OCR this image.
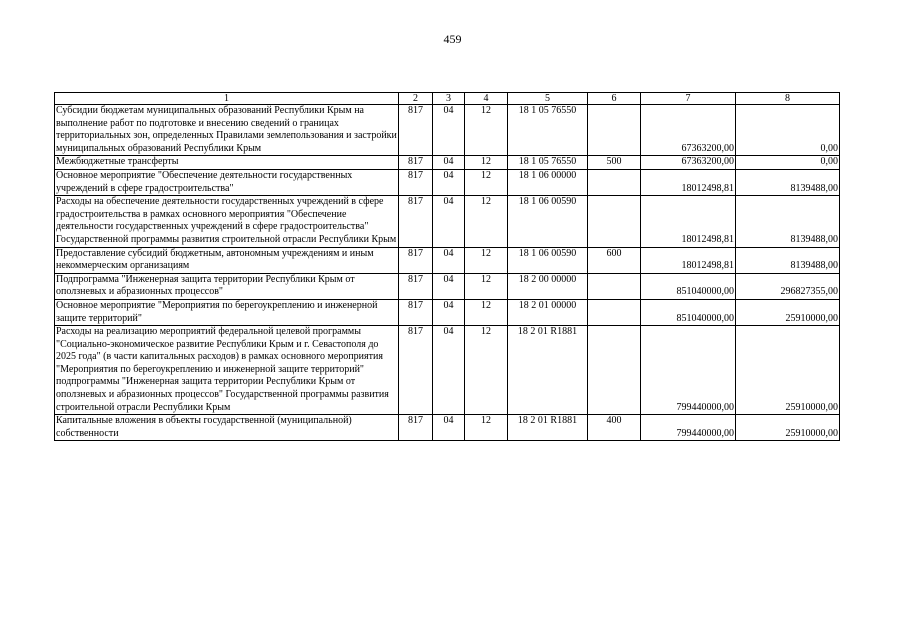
459
1	2	3	4	5	6	7	8
Субсидии бюджетам муниципальных образований Республики Крым на выполнение работ по подготовке и внесению сведений о границах территориальных зон, определенных Правилами землепользования и застройки муниципальных образований Республики Крым	817	04	12	18 1 05 76550		67363200,00	0,00
Межбюджетные трансферты	817	04	12	18 1 05 76550	500	67363200,00	0,00
Основное мероприятие "Обеспечение деятельности государственных учреждений в сфере градостроительства"	817	04	12	18 1 06 00000		18012498,81	8139488,00
Расходы на обеспечение деятельности государственных учреждений в сфере градостроительства в рамках основного мероприятия "Обеспечение деятельности государственных учреждений в сфере градостроительства" Государственной программы развития строительной отрасли Республики Крым	817	04	12	18 1 06 00590		18012498,81	8139488,00
Предоставление субсидий бюджетным, автономным учреждениям и иным некоммерческим организациям	817	04	12	18 1 06 00590	600	18012498,81	8139488,00
Подпрограмма "Инженерная защита территории Республики Крым от оползневых и абразионных процессов"	817	04	12	18 2 00 00000		851040000,00	296827355,00
Основное мероприятие "Мероприятия по берегоукреплению и инженерной защите территорий"	817	04	12	18 2 01 00000		851040000,00	25910000,00
Расходы на реализацию мероприятий федеральной целевой программы "Социально-экономическое развитие Республики Крым и г. Севастополя до 2025 года" (в части капитальных расходов) в рамках основного мероприятия "Мероприятия по берегоукреплению и инженерной защите территорий" подпрограммы "Инженерная защита территории Республики Крым от оползневых и абразионных процессов" Государственной программы развития строительной отрасли Республики Крым	817	04	12	18 2 01 R1881		799440000,00	25910000,00
Капитальные вложения в объекты государственной (муниципальной) собственности	817	04	12	18 2 01 R1881	400	799440000,00	25910000,00
